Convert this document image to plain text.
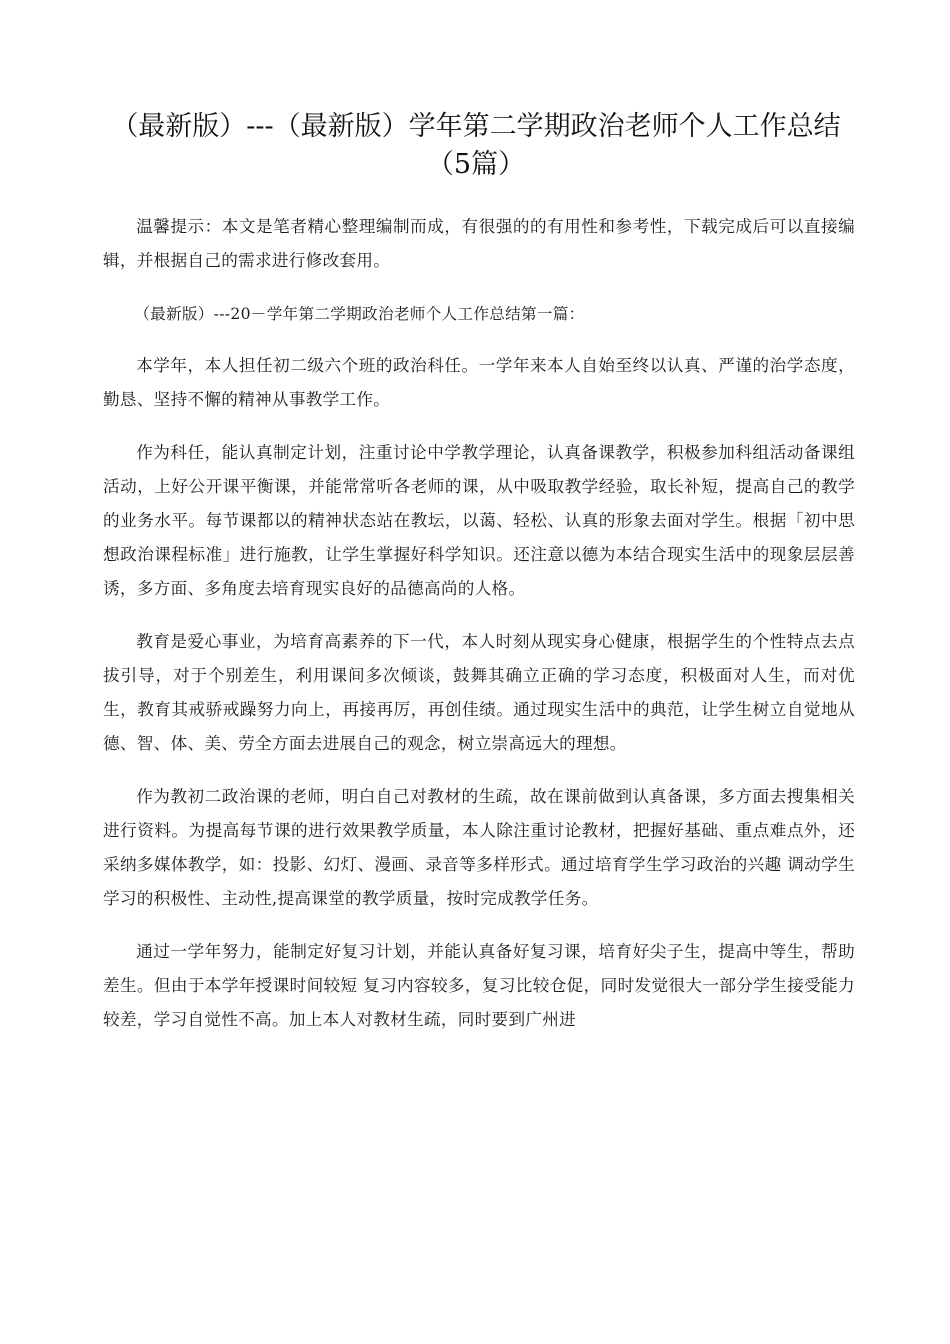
（最新版）---（最新版）学年第二学期政治老师个人工作总结
（5篇）

温馨提示：本文是笔者精心整理编制而成，有很强的的有用性和参考性，下载完成后可以直接编辑，并根据自己的需求进行修改套用。

（最新版）---20－学年第二学期政治老师个人工作总结第一篇：

本学年，本人担任初二级六个班的政治科任。一学年来本人自始至终以认真、严谨的治学态度，勤恳、坚持不懈的精神从事教学工作。

作为科任，能认真制定计划，注重讨论中学教学理论，认真备课教学，积极参加科组活动备课组活动，上好公开课平衡课，并能常常听各老师的课，从中吸取教学经验，取长补短，提高自己的教学的业务水平。每节课都以的精神状态站在教坛，以蔼、轻松、认真的形象去面对学生。根据「初中思想政治课程标准」进行施教，让学生掌握好科学知识。还注意以德为本结合现实生活中的现象层层善诱，多方面、多角度去培育现实良好的品德高尚的人格。

教育是爱心事业，为培育高素养的下一代，本人时刻从现实身心健康，根据学生的个性特点去点拔引导，对于个别差生，利用课间多次倾谈，鼓舞其确立正确的学习态度，积极面对人生，而对优生，教育其戒骄戒躁努力向上，再接再厉，再创佳绩。通过现实生活中的典范，让学生树立自觉地从德、智、体、美、劳全方面去进展自己的观念，树立崇高远大的理想。

作为教初二政治课的老师，明白自己对教材的生疏，故在课前做到认真备课，多方面去搜集相关进行资料。为提高每节课的进行效果教学质量，本人除注重讨论教材，把握好基础、重点难点外，还采纳多媒体教学，如：投影、幻灯、漫画、录音等多样形式。通过培育学生学习政治的兴趣 调动学生学习的积极性、主动性,提高课堂的教学质量，按时完成教学任务。

通过一学年努力，能制定好复习计划，并能认真备好复习课，培育好尖子生，提高中等生，帮助差生。但由于本学年授课时间较短 复习内容较多，复习比较仓促，同时发觉很大一部分学生接受能力较差，学习自觉性不高。加上本人对教材生疏，同时要到广州进
